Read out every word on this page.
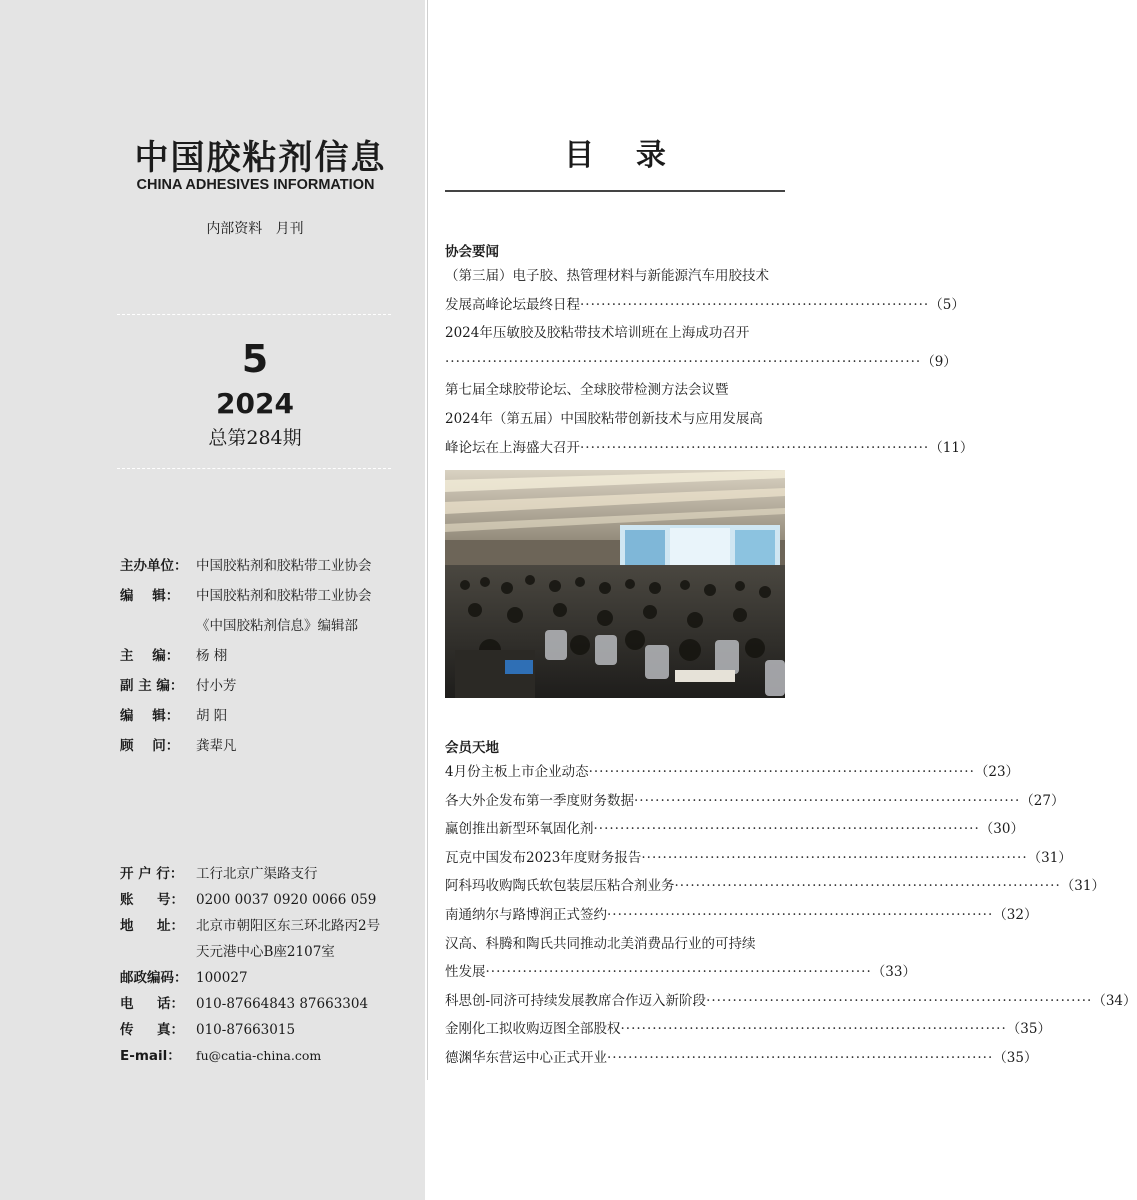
中国胶粘剂信息
CHINA ADHESIVES INFORMATION
内部资料   月刊
5
2024
总第284期
主办单位： 中国胶粘剂和胶粘带工业协会
编    辑：	中国胶粘剂和胶粘带工业协会
《中国胶粘剂信息》编辑部
主    编：	杨 栩
副 主 编： 付小芳
编    辑：	胡 阳
顾    问：	龚辈凡
开 户 行： 工行北京广渠路支行
账     号： 0200 0037 0920 0066 059
地     址： 北京市朝阳区东三环北路丙2号
天元港中心B座2107室
邮政编码： 100027
电     话： 010-87664843 87663304
传     真： 010-87663015
E-mail：	fu@catia-china.com
目    录
协会要闻
（第三届）电子胶、热管理材料与新能源汽车用胶技术
发展高峰论坛最终日程 ·································································· （5）
2024年压敏胶及胶粘带技术培训班在上海成功召开
·························································································· （9）
第七届全球胶带论坛、全球胶带检测方法会议暨
2024年（第五届）中国胶粘带创新技术与应用发展高
峰论坛在上海盛大召开 ·································································· （11）
会员天地
4月份主板上市企业动态 ········································································· （23）
各大外企发布第一季度财务数据 ········································································· （27）
赢创推出新型环氧固化剂 ········································································· （30）
瓦克中国发布2023年度财务报告 ········································································· （31）
阿科玛收购陶氏软包装层压粘合剂业务 ········································································· （31）
南通纳尔与路博润正式签约 ········································································· （32）
汉高、科腾和陶氏共同推动北美消费品行业的可持续
性发展 ········································································· （33）
科思创-同济可持续发展教席合作迈入新阶段 ········································································· （34）
金刚化工拟收购迈图全部股权 ········································································· （35）
德渊华东营运中心正式开业 ········································································· （35）
